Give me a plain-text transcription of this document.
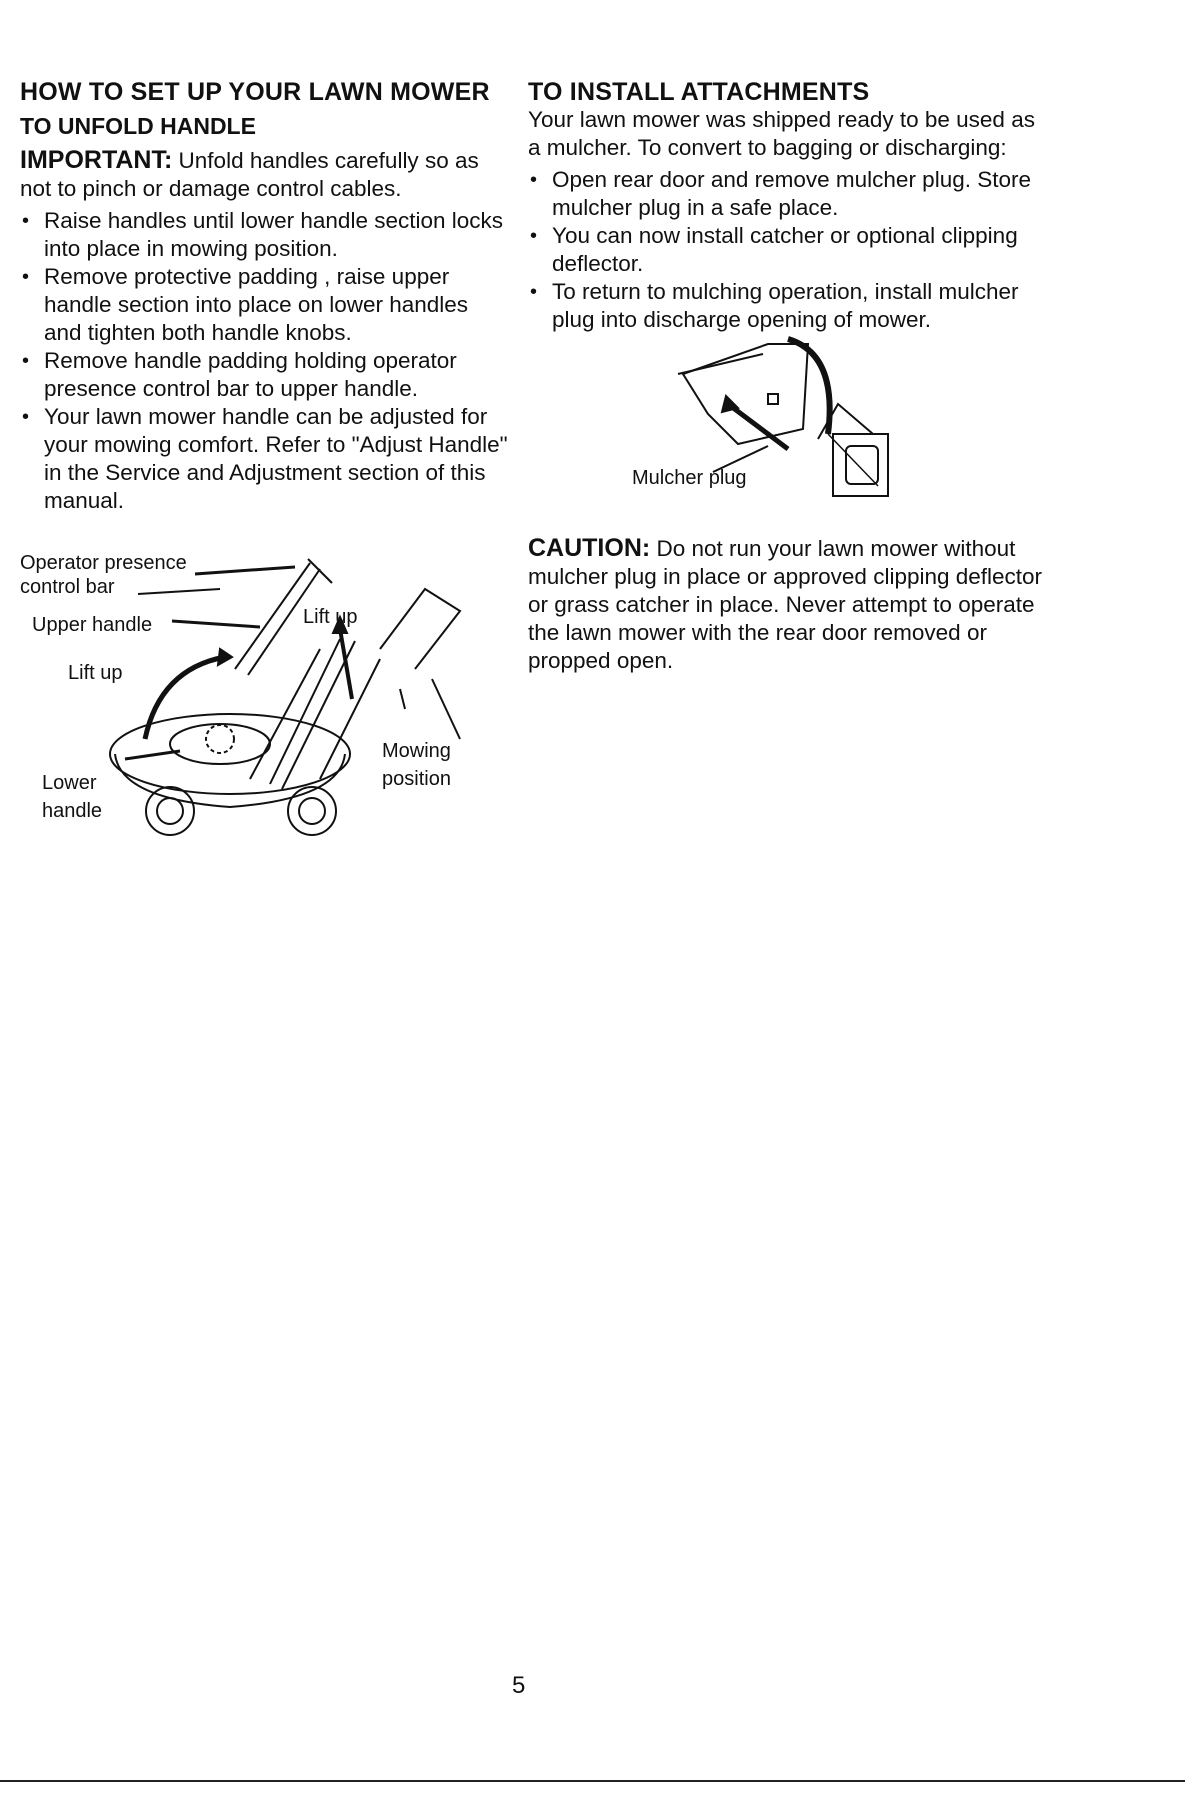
HOW TO SET UP YOUR LAWN MOWER
TO UNFOLD HANDLE

IMPORTANT: Unfold handles carefully so as not to pinch or damage control cables.

• Raise handles until lower handle section locks into place in mowing position.
• Remove protective padding , raise upper handle section into place on lower handles and tighten both handle knobs.
• Remove handle padding holding operator presence control bar to upper handle.
• Your lawn mower handle can be adjusted for your mowing comfort. Refer to "Adjust Handle" in the Service and Adjustment section of this manual.
Operator presence
control bar
Upper handle
Lift up
Lift up
Mowing
position
Lower
handle
TO INSTALL ATTACHMENTS

Your lawn mower was shipped ready to be used as a mulcher. To convert to bagging or discharging:

• Open rear door and remove mulcher plug. Store mulcher plug in a safe place.
• You can now install catcher or optional clipping deflector.
• To return to mulching operation, install mulcher plug into discharge opening of mower.
Mulcher plug

CAUTION: Do not run your lawn mower without mulcher plug in place or approved clipping deflector or grass catcher in place. Never attempt to operate the lawn mower with the rear door removed or propped open.

5
